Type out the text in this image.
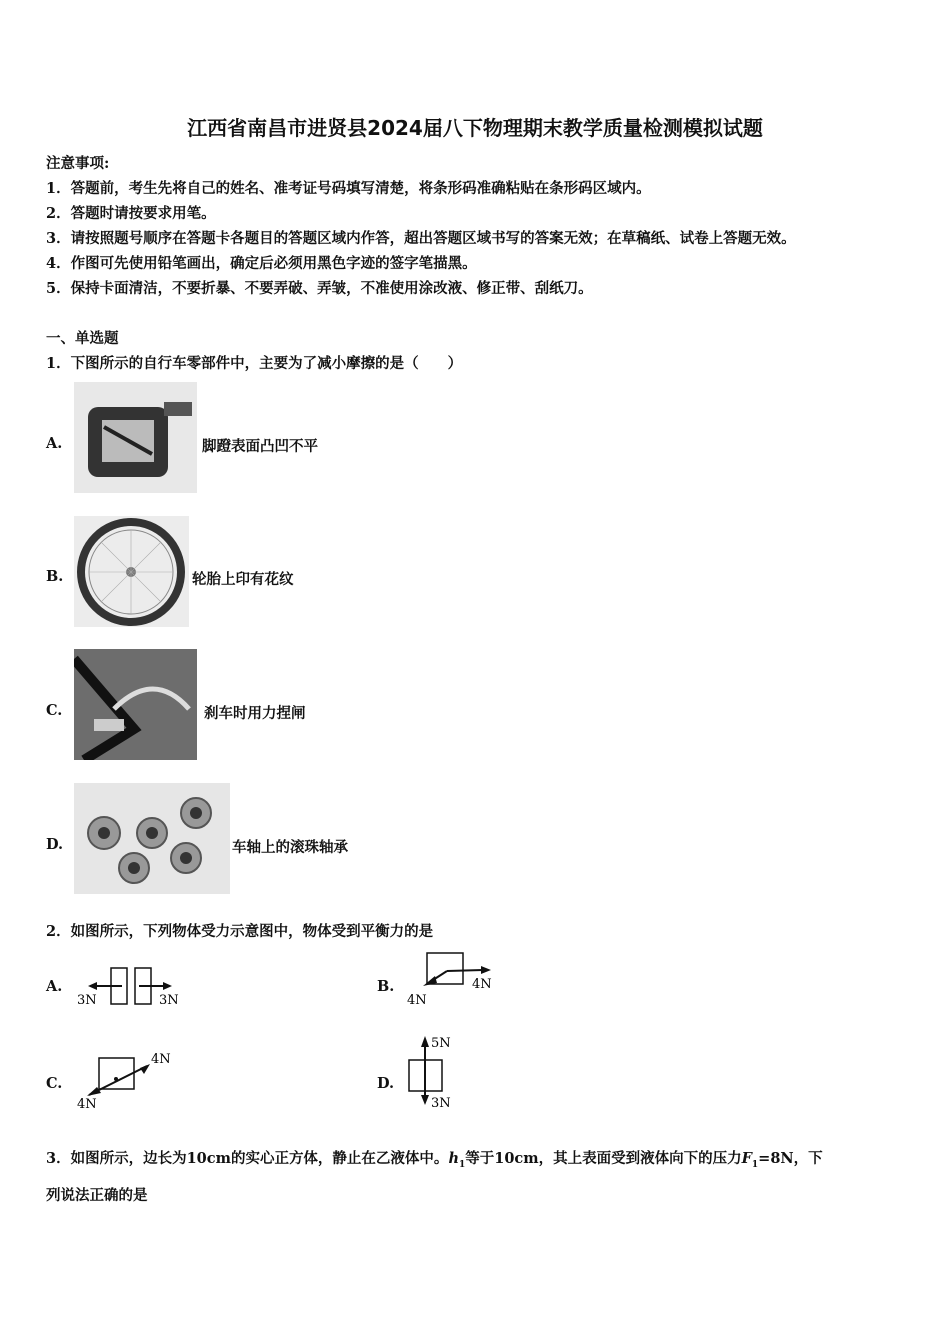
江西省南昌市进贤县2024届八下物理期末教学质量检测模拟试题
注意事项:
1．答题前，考生先将自己的姓名、准考证号码填写清楚，将条形码准确粘贴在条形码区域内。
2．答题时请按要求用笔。
3．请按照题号顺序在答题卡各题目的答题区域内作答，超出答题区域书写的答案无效；在草稿纸、试卷上答题无效。
4．作图可先使用铅笔画出，确定后必须用黑色字迹的签字笔描黑。
5．保持卡面清洁，不要折暴、不要弄破、弄皱，不准使用涂改液、修正带、刮纸刀。
一、单选题
1．下图所示的自行车零部件中，主要为了减小摩擦的是（　　）
A.	脚蹬表面凸凹不平
B.	轮胎上印有花纹
C.	刹车时用力捏闸
D.	车轴上的滚珠轴承
2．如图所示，下列物体受力示意图中，物体受到平衡力的是
A.
3N	3N
B.	4N
4N
C.
4N
4N
D.
5N
3N
3．如图所示，边长为10cm的实心正方体，静止在乙液体中。$h_1$等于10cm，其上表面受到液体向下的压力$F_1=8N$，下
列说法正确的是
